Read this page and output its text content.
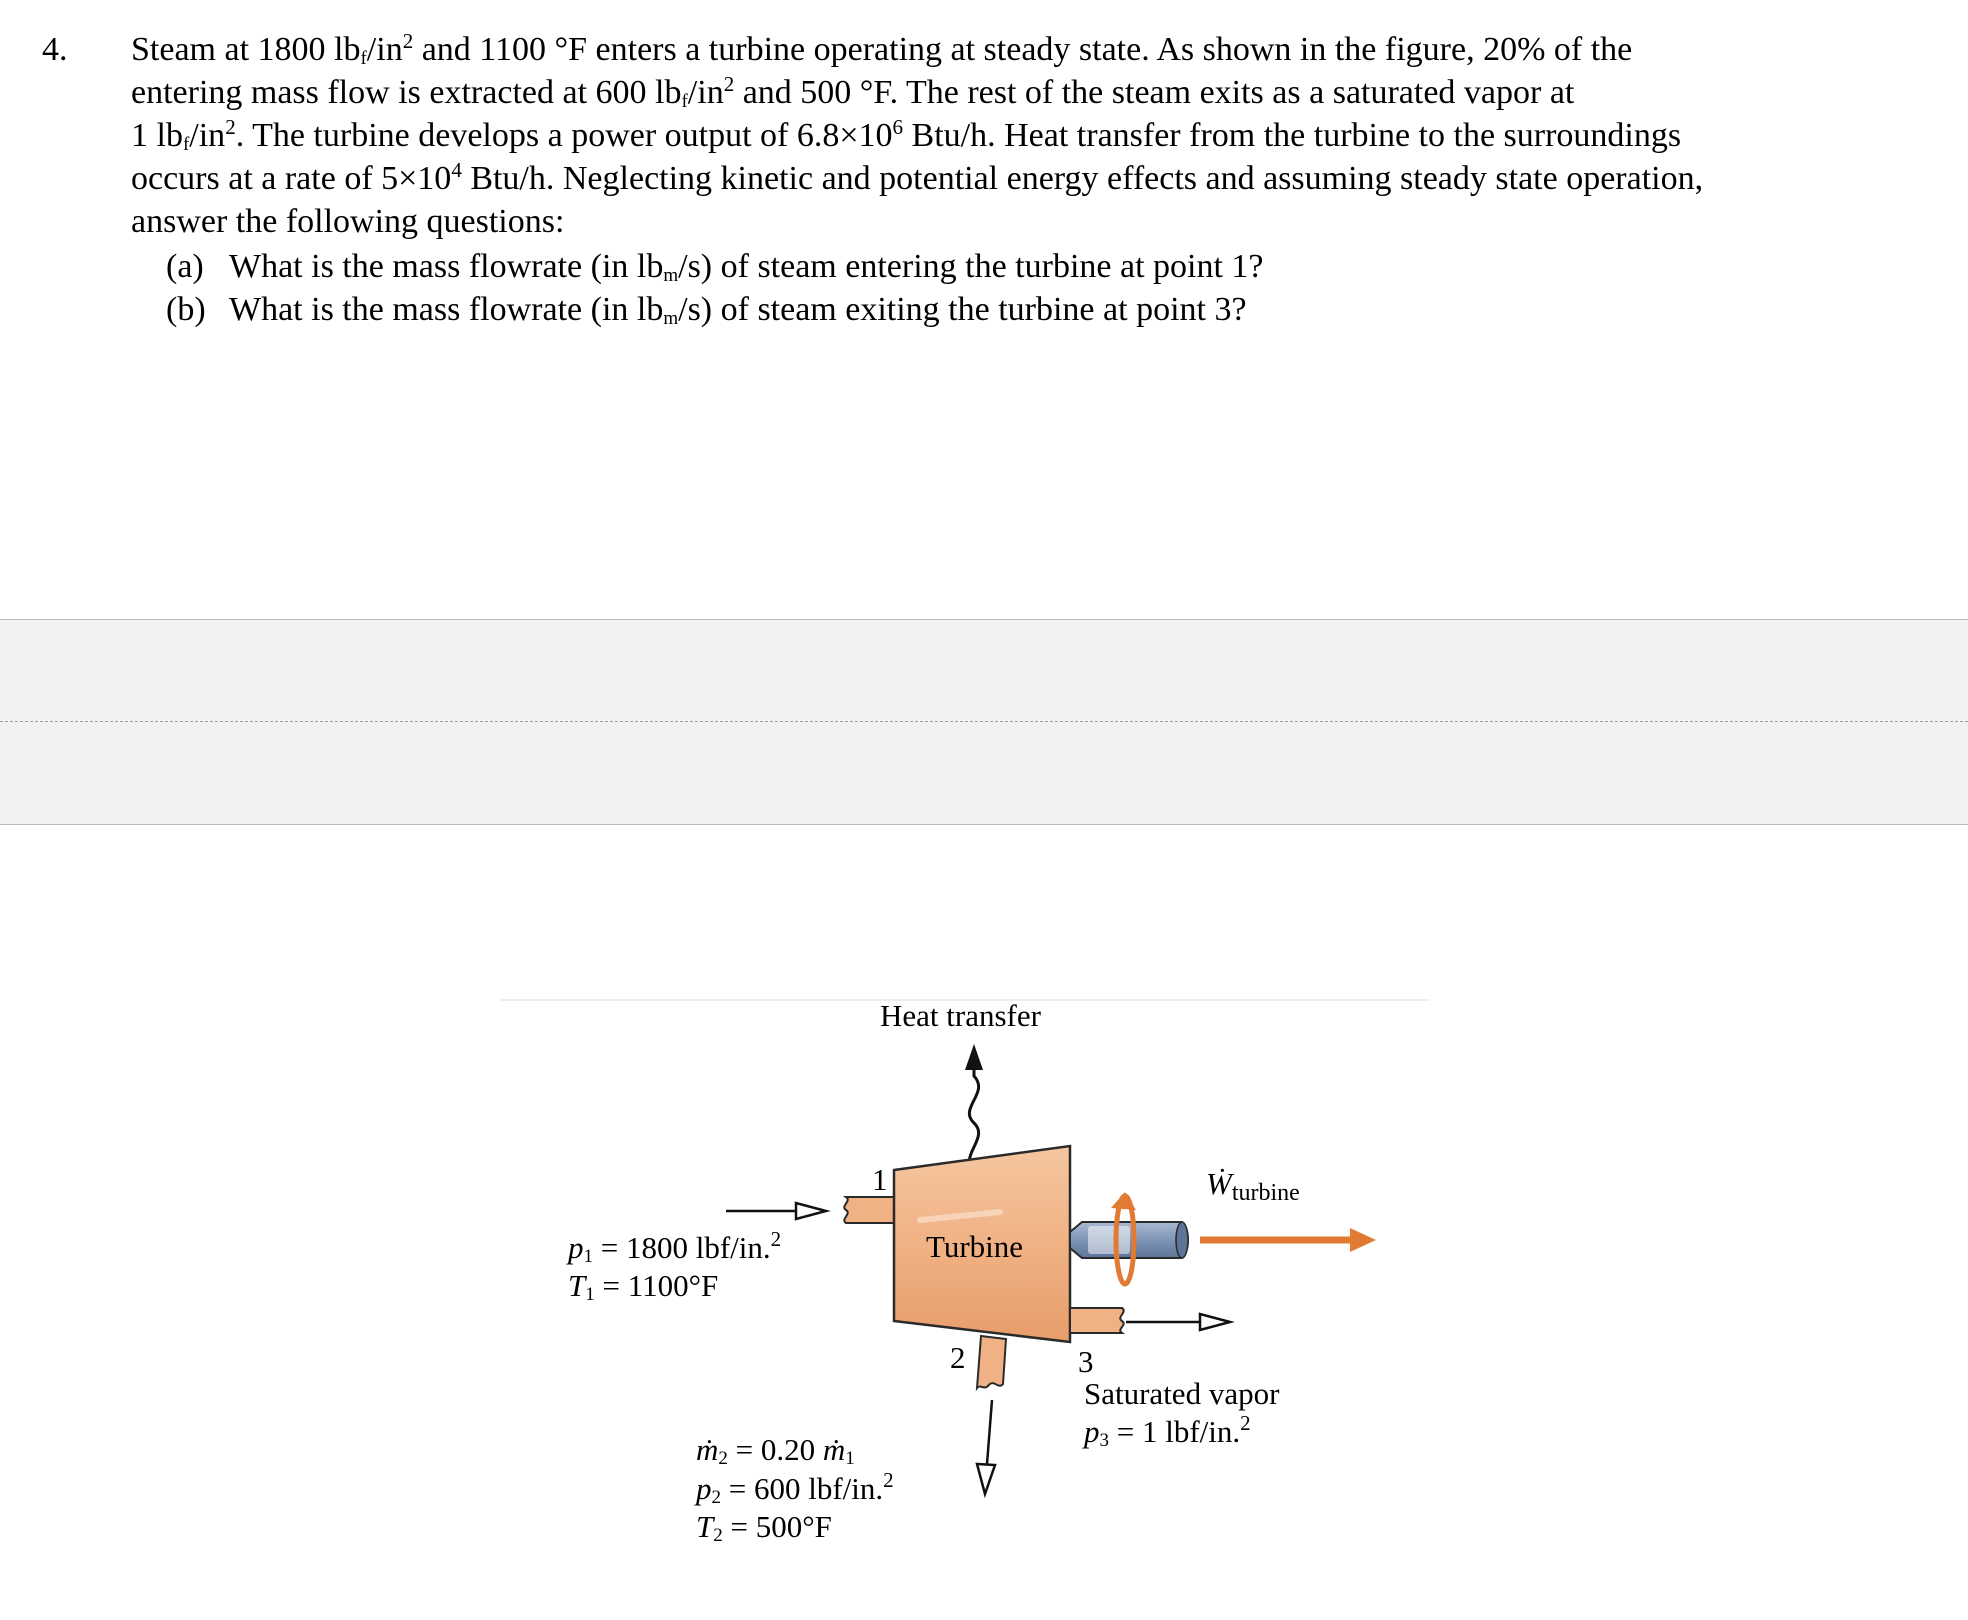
4. Steam at 1800 $lb_f/in^2$ and 1100 °F enters a turbine operating at steady state. As shown in the figure, 20% of the
entering mass flow is extracted at 600 $lb_f/in^2$ and 500 °F. The rest of the steam exits as a saturated vapor at
1 $lb_f/in^2$. The turbine develops a power output of $6.8\times 10^6$ Btu/h. Heat transfer from the turbine to the surroundings
occurs at a rate of $5\times 10^4$ Btu/h. Neglecting kinetic and potential energy effects and assuming steady state operation,
answer the following questions:
(a) What is the mass flowrate (in $lb_m/s$) of steam entering the turbine at point 1?
(b) What is the mass flowrate (in $lb_m/s$) of steam exiting the turbine at point 3?
Heat transfer
Turbine
1
2	3
Ẇ$_{turbine}$
$p_1 = 1800$ lbf/in.$^2$
$T_1 = 1100^\circ F$
ṁ$_2$ = 0.20 ṁ$_1$
$p_2 = 600$ lbf/in.$^2$
$T_2 = 500^\circ F$
Saturated vapor
$p_3 = 1$ lbf/in.$^2$
